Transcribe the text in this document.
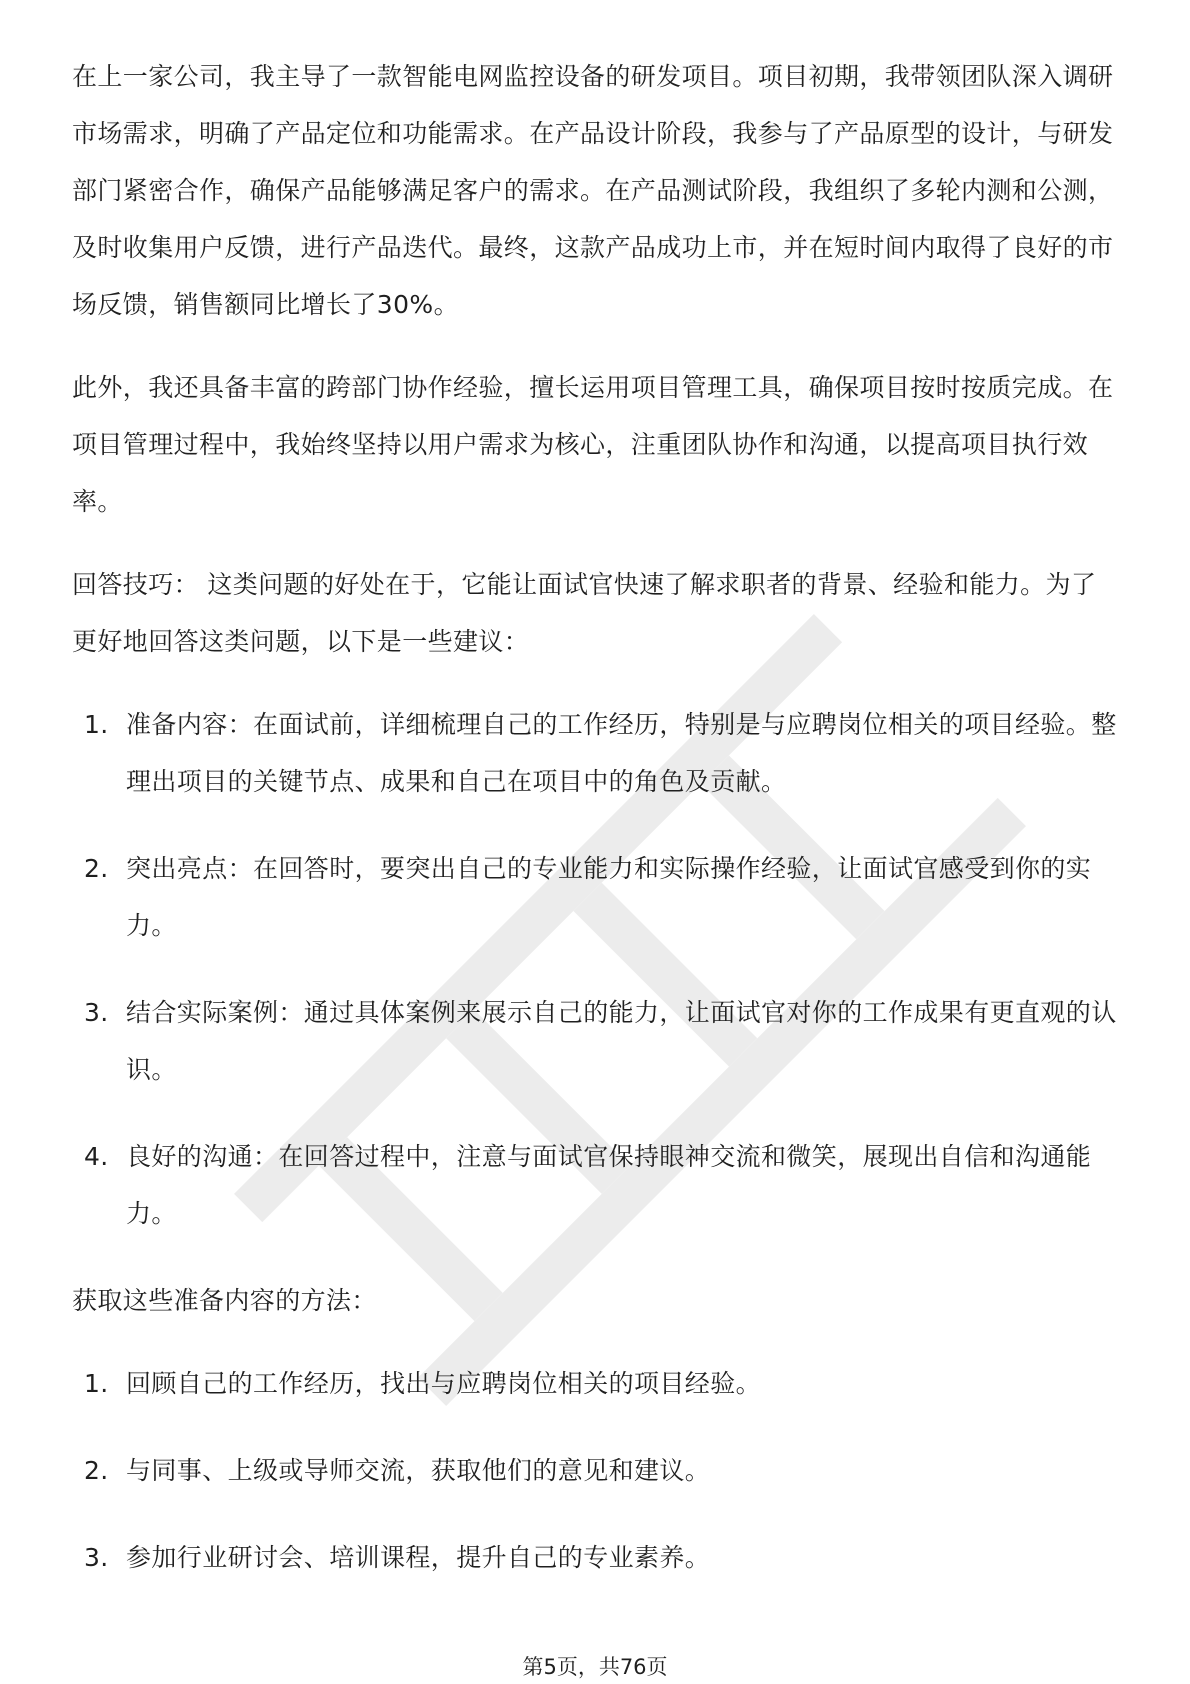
在上一家公司，我主导了一款智能电网监控设备的研发项目。项目初期，我带领团队深入调研市场需求，明确了产品定位和功能需求。在产品设计阶段，我参与了产品原型的设计，与研发部门紧密合作，确保产品能够满足客户的需求。在产品测试阶段，我组织了多轮内测和公测，及时收集用户反馈，进行产品迭代。最终，这款产品成功上市，并在短时间内取得了良好的市场反馈，销售额同比增长了30%。

此外，我还具备丰富的跨部门协作经验，擅长运用项目管理工具，确保项目按时按质完成。在项目管理过程中，我始终坚持以用户需求为核心，注重团队协作和沟通，以提高项目执行效率。

回答技巧： 这类问题的好处在于，它能让面试官快速了解求职者的背景、经验和能力。为了更好地回答这类问题，以下是一些建议：

1. 准备内容：在面试前，详细梳理自己的工作经历，特别是与应聘岗位相关的项目经验。整理出项目的关键节点、成果和自己在项目中的角色及贡献。
2. 突出亮点：在回答时，要突出自己的专业能力和实际操作经验，让面试官感受到你的实力。
3. 结合实际案例：通过具体案例来展示自己的能力，让面试官对你的工作成果有更直观的认识。
4. 良好的沟通：在回答过程中，注意与面试官保持眼神交流和微笑，展现出自信和沟通能力。

获取这些准备内容的方法：

1. 回顾自己的工作经历，找出与应聘岗位相关的项目经验。
2. 与同事、上级或导师交流，获取他们的意见和建议。
3. 参加行业研讨会、培训课程，提升自己的专业素养。
第5页，共76页
